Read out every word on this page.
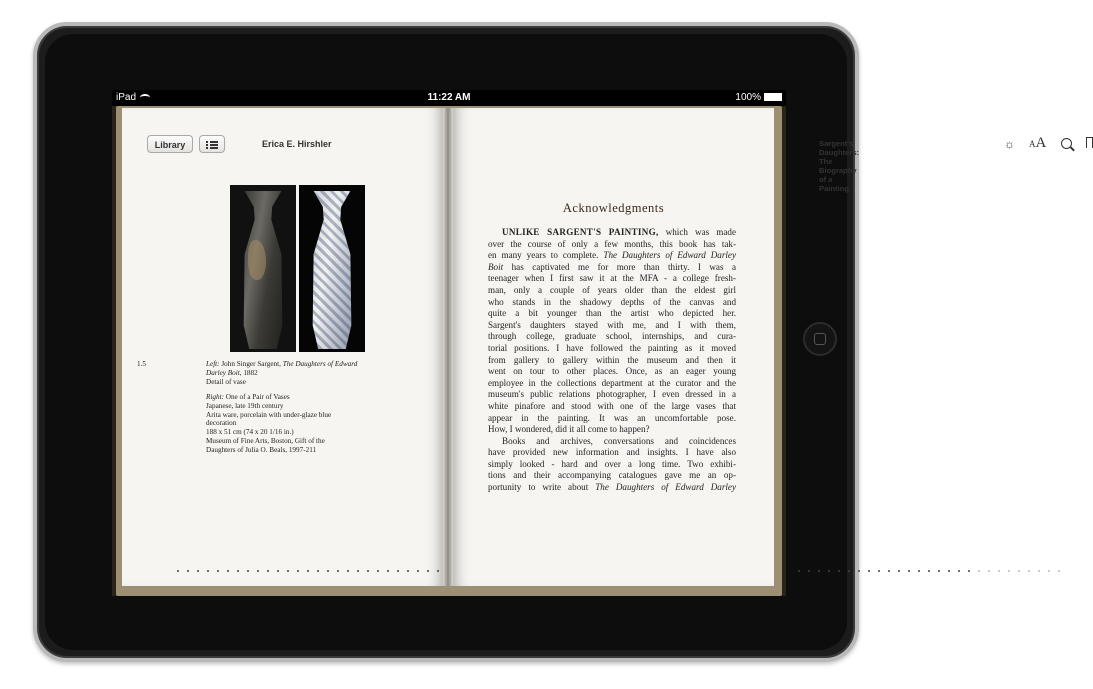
iPad	11:22 AM	100%
Library	Erica E. Hirshler

1.5	Left: John Singer Sargent, The Daughters of Edward

Darley Boit, 1882

Detail of vase

Right: One of a Pair of Vases

Japanese, late 19th century

Arita ware, porcelain with under-glaze blue

decoration

188 x 51 cm (74 x 20 1/16 in.)

Museum of Fine Arts, Boston, Gift of the

Daughters of Julia O. Beals, 1997-211

Sargent's Daughters: The Biography of a Painting
☼ AA
Acknowledgments
UNLIKE SARGENT'S PAINTING, which was made
over the course of only a few months, this book has tak-
en many years to complete. The Daughters of Edward Darley
Boit has captivated me for more than thirty. I was a
teenager when I first saw it at the MFA - a college fresh-
man, only a couple of years older than the eldest girl
who stands in the shadowy depths of the canvas and
quite a bit younger than the artist who depicted her.
Sargent's daughters stayed with me, and I with them,
through college, graduate school, internships, and cura-
torial positions. I have followed the painting as it moved
from gallery to gallery within the museum and then it
went on tour to other places. Once, as an eager young
employee in the collections department at the curator and the
museum's public relations photographer, I even dressed in a
white pinafore and stood with one of the large vases that
appear in the painting. It was an uncomfortable pose.
How, I wondered, did it all come to happen?
Books and archives, conversations and coincidences
have provided new information and insights. I have also
simply looked - hard and over a long time. Two exhibi-
tions and their accompanying catalogues gave me an op-
portunity to write about The Daughters of Edward Darley
